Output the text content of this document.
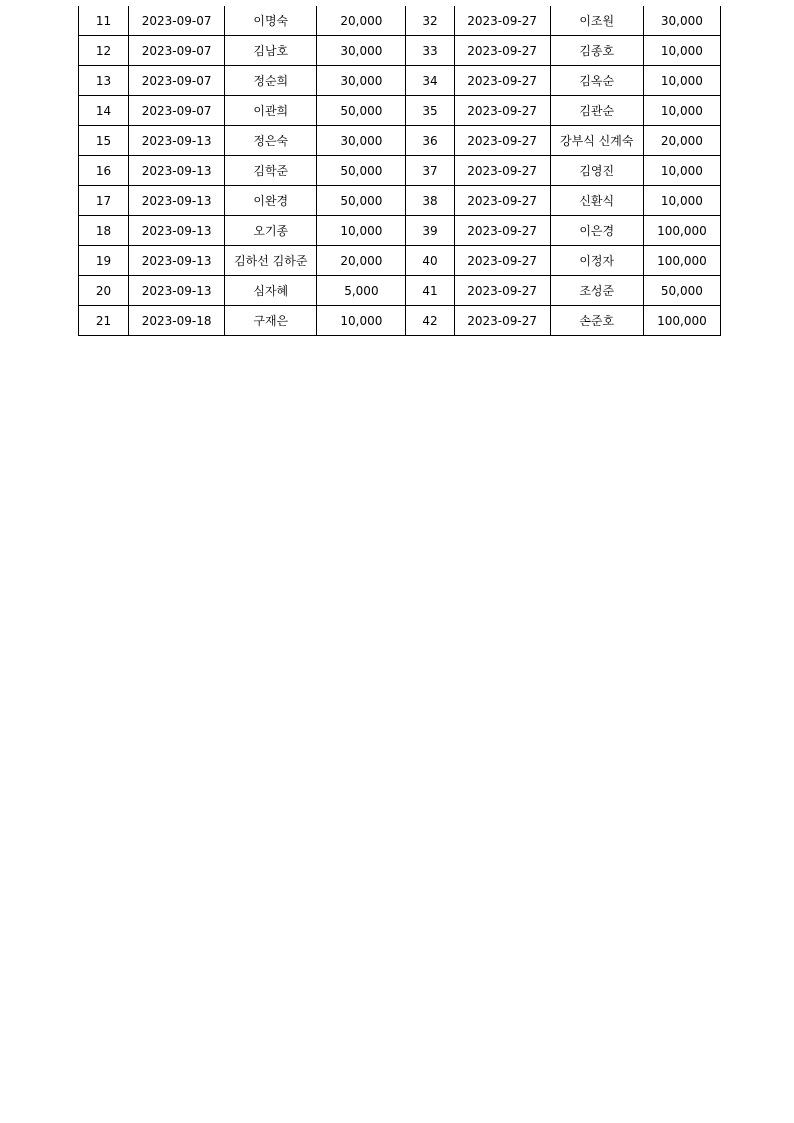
11	2023-09-07	이명숙	20,000	32	2023-09-27	이조원	30,000
12	2023-09-07	김남호	30,000	33	2023-09-27	김종호	10,000
13	2023-09-07	정순희	30,000	34	2023-09-27	김옥순	10,000
14	2023-09-07	이관희	50,000	35	2023-09-27	김관순	10,000
15	2023-09-13	정은숙	30,000	36	2023-09-27	강부식 신계숙	20,000
16	2023-09-13	김학준	50,000	37	2023-09-27	김영진	10,000
17	2023-09-13	이완경	50,000	38	2023-09-27	신환식	10,000
18	2023-09-13	오기종	10,000	39	2023-09-27	이은경	100,000
19	2023-09-13	김하선 김하준	20,000	40	2023-09-27	이정자	100,000
20	2023-09-13	심자혜	5,000	41	2023-09-27	조성준	50,000
21	2023-09-18	구재은	10,000	42	2023-09-27	손준호	100,000
